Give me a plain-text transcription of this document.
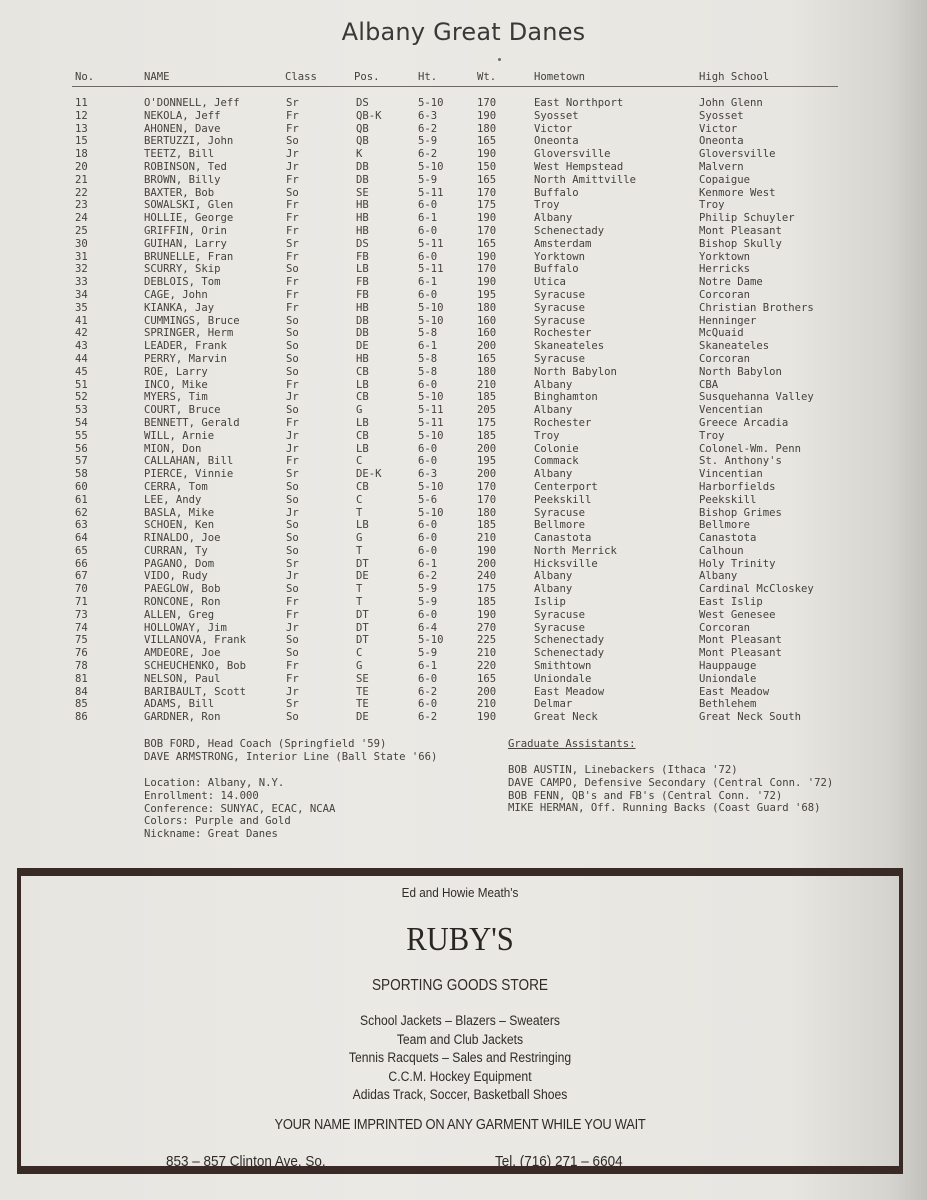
Albany Great Danes
No.	NAME	Class	Pos.	Ht.	Wt.	Hometown	High School
11	O'DONNELL, Jeff	Sr	DS	5-10	170	East Northport	John Glenn
12	NEKOLA, Jeff	Fr	QB-K	6-3	190	Syosset	Syosset
13	AHONEN, Dave	Fr	QB	6-2	180	Victor	Victor
15	BERTUZZI, John	So	QB	5-9	165	Oneonta	Oneonta
18	TEETZ, Bill	Jr	K	6-2	190	Gloversville	Gloversville
20	ROBINSON, Ted	Jr	DB	5-10	150	West Hempstead	Malvern
21	BROWN, Billy	Fr	DB	5-9	165	North Amittville	Copaigue
22	BAXTER, Bob	So	SE	5-11	170	Buffalo	Kenmore West
23	SOWALSKI, Glen	Fr	HB	6-0	175	Troy	Troy
24	HOLLIE, George	Fr	HB	6-1	190	Albany	Philip Schuyler
25	GRIFFIN, Orin	Fr	HB	6-0	170	Schenectady	Mont Pleasant
30	GUIHAN, Larry	Sr	DS	5-11	165	Amsterdam	Bishop Skully
31	BRUNELLE, Fran	Fr	FB	6-0	190	Yorktown	Yorktown
32	SCURRY, Skip	So	LB	5-11	170	Buffalo	Herricks
33	DEBLOIS, Tom	Fr	FB	6-1	190	Utica	Notre Dame
34	CAGE, John	Fr	FB	6-0	195	Syracuse	Corcoran
35	KIANKA, Jay	Fr	HB	5-10	180	Syracuse	Christian Brothers
41	CUMMINGS, Bruce	So	DB	5-10	160	Syracuse	Henninger
42	SPRINGER, Herm	So	DB	5-8	160	Rochester	McQuaid
43	LEADER, Frank	So	DE	6-1	200	Skaneateles	Skaneateles
44	PERRY, Marvin	So	HB	5-8	165	Syracuse	Corcoran
45	ROE, Larry	So	CB	5-8	180	North Babylon	North Babylon
51	INCO, Mike	Fr	LB	6-0	210	Albany	CBA
52	MYERS, Tim	Jr	CB	5-10	185	Binghamton	Susquehanna Valley
53	COURT, Bruce	So	G	5-11	205	Albany	Vencentian
54	BENNETT, Gerald	Fr	LB	5-11	175	Rochester	Greece Arcadia
55	WILL, Arnie	Jr	CB	5-10	185	Troy	Troy
56	MION, Don	Jr	LB	6-0	200	Colonie	Colonel-Wm. Penn
57	CALLAHAN, Bill	Fr	C	6-0	195	Commack	St. Anthony's
58	PIERCE, Vinnie	Sr	DE-K	6-3	200	Albany	Vincentian
60	CERRA, Tom	So	CB	5-10	170	Centerport	Harborfields
61	LEE, Andy	So	C	5-6	170	Peekskill	Peekskill
62	BASLA, Mike	Jr	T	5-10	180	Syracuse	Bishop Grimes
63	SCHOEN, Ken	So	LB	6-0	185	Bellmore	Bellmore
64	RINALDO, Joe	So	G	6-0	210	Canastota	Canastota
65	CURRAN, Ty	So	T	6-0	190	North Merrick	Calhoun
66	PAGANO, Dom	Sr	DT	6-1	200	Hicksville	Holy Trinity
67	VIDO, Rudy	Jr	DE	6-2	240	Albany	Albany
70	PAEGLOW, Bob	So	T	5-9	175	Albany	Cardinal McCloskey
71	RONCONE, Ron	Fr	T	5-9	185	Islip	East Islip
73	ALLEN, Greg	Fr	DT	6-0	190	Syracuse	West Genesee
74	HOLLOWAY, Jim	Jr	DT	6-4	270	Syracuse	Corcoran
75	VILLANOVA, Frank	So	DT	5-10	225	Schenectady	Mont Pleasant
76	AMDEORE, Joe	So	C	5-9	210	Schenectady	Mont Pleasant
78	SCHEUCHENKO, Bob	Fr	G	6-1	220	Smithtown	Hauppauge
81	NELSON, Paul	Fr	SE	6-0	165	Uniondale	Uniondale
84	BARIBAULT, Scott	Jr	TE	6-2	200	East Meadow	East Meadow
85	ADAMS, Bill	Sr	TE	6-0	210	Delmar	Bethlehem
86	GARDNER, Ron	So	DE	6-2	190	Great Neck	Great Neck South
BOB FORD, Head Coach (Springfield '59)
DAVE ARMSTRONG, Interior Line (Ball State '66)
Location: Albany, N.Y.
Enrollment: 14.000
Conference: SUNYAC, ECAC, NCAA
Colors: Purple and Gold
Nickname: Great Danes
Graduate Assistants:
BOB AUSTIN, Linebackers (Ithaca '72)
DAVE CAMPO, Defensive Secondary (Central Conn. '72)
BOB FENN, QB's and FB's (Central Conn. '72)
MIKE HERMAN, Off. Running Backs (Coast Guard '68)
Ed and Howie Meath's
RUBY'S
SPORTING GOODS STORE
School Jackets – Blazers – Sweaters
Team and Club Jackets
Tennis Racquets – Sales and Restringing
C.C.M. Hockey Equipment
Adidas Track, Soccer, Basketball Shoes
YOUR NAME IMPRINTED ON ANY GARMENT WHILE YOU WAIT
853 – 857 Clinton Ave. So.	Tel. (716) 271 – 6604
